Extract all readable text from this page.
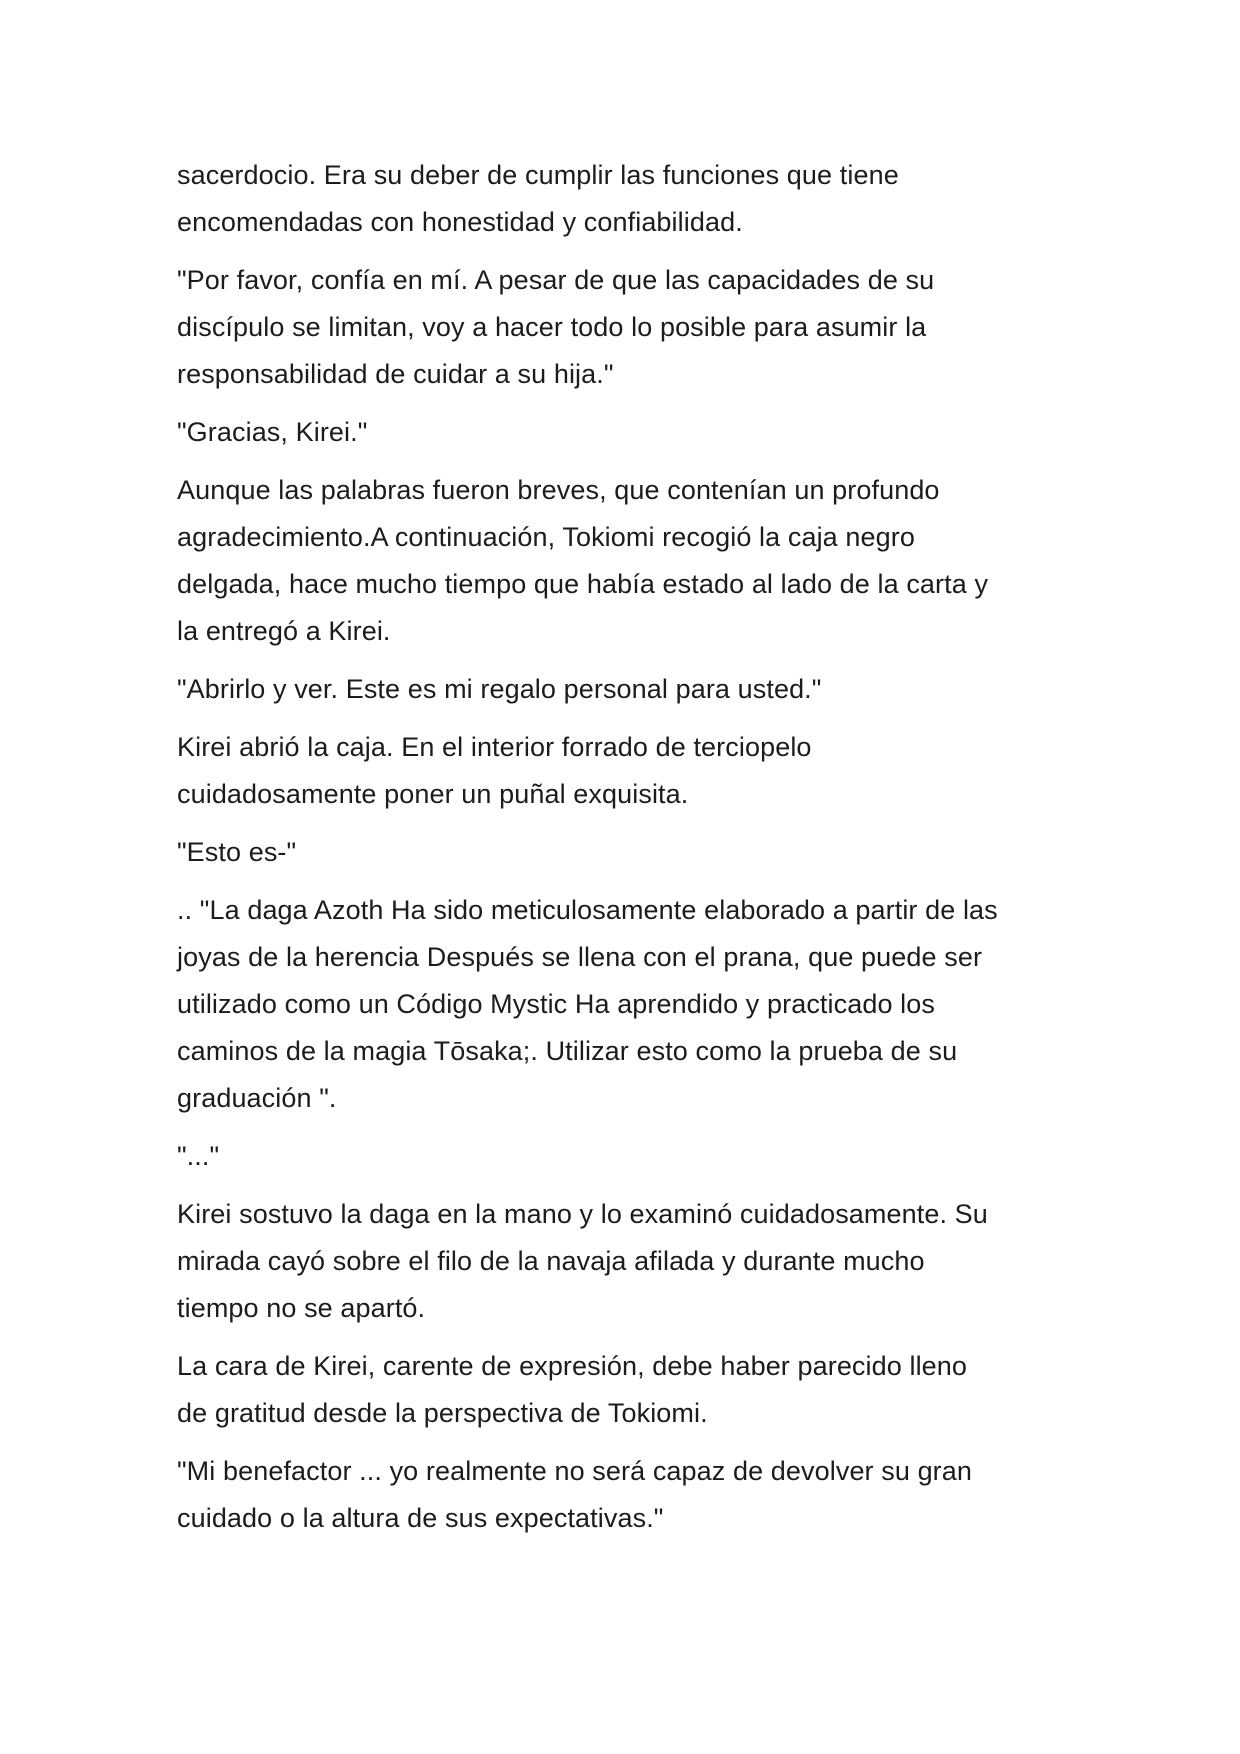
sacerdocio. Era su deber de cumplir las funciones que tiene
encomendadas con honestidad y confiabilidad.

"Por favor, confía en mí. A pesar de que las capacidades de su
discípulo se limitan, voy a hacer todo lo posible para asumir la
responsabilidad de cuidar a su hija."

"Gracias, Kirei."

Aunque las palabras fueron breves, que contenían un profundo
agradecimiento.A continuación, Tokiomi recogió la caja negro
delgada, hace mucho tiempo que había estado al lado de la carta y
la entregó a Kirei.

"Abrirlo y ver. Este es mi regalo personal para usted."

Kirei abrió la caja. En el interior forrado de terciopelo
cuidadosamente poner un puñal exquisita.

"Esto es-"

.. "La daga Azoth Ha sido meticulosamente elaborado a partir de las
joyas de la herencia Después se llena con el prana, que puede ser
utilizado como un Código Mystic Ha aprendido y practicado los
caminos de la magia Tōsaka;. Utilizar esto como la prueba de su
graduación ".

"..."

Kirei sostuvo la daga en la mano y lo examinó cuidadosamente. Su
mirada cayó sobre el filo de la navaja afilada y durante mucho
tiempo no se apartó.

La cara de Kirei, carente de expresión, debe haber parecido lleno
de gratitud desde la perspectiva de Tokiomi.

"Mi benefactor ... yo realmente no será capaz de devolver su gran
cuidado o la altura de sus expectativas."
